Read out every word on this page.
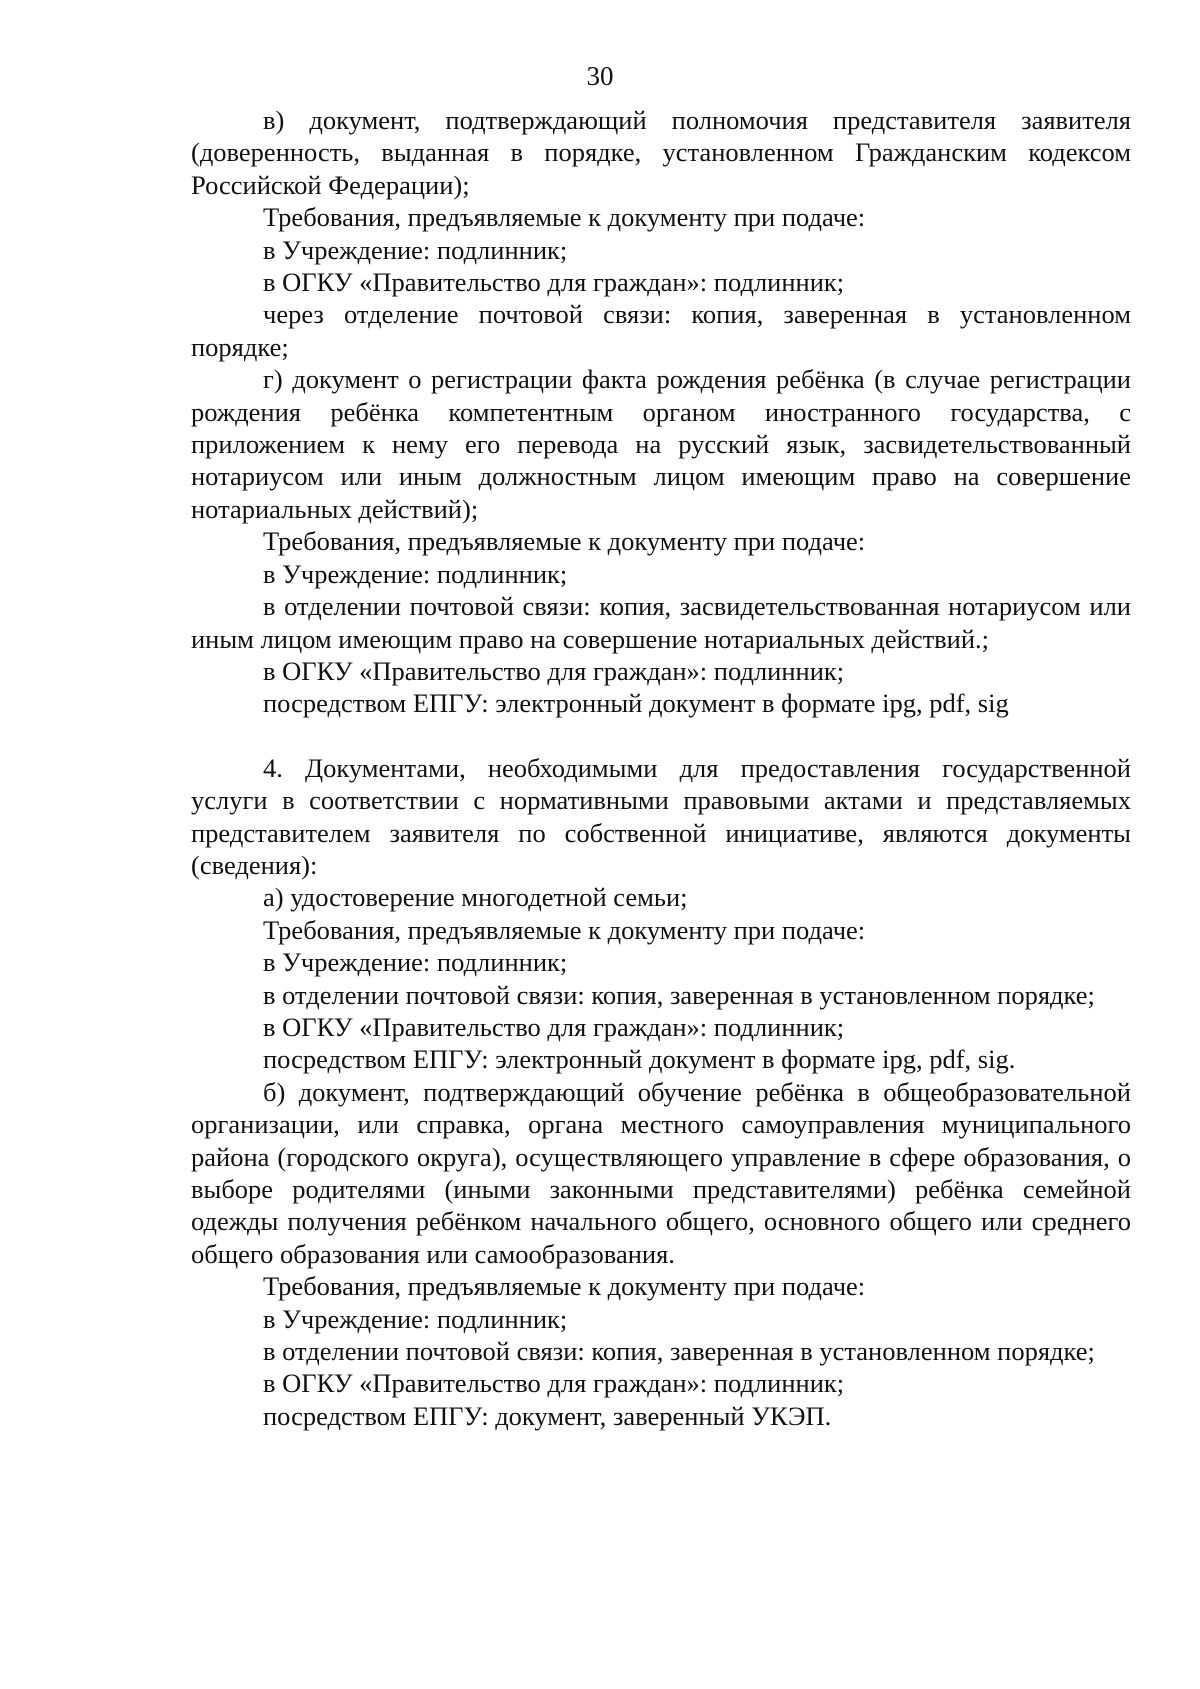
30

в) документ, подтверждающий полномочия представителя заявителя (доверенность, выданная в порядке, установленном Гражданским кодексом Российской Федерации);

Требования, предъявляемые к документу при подаче:

в Учреждение: подлинник;

в ОГКУ «Правительство для граждан»: подлинник;

через отделение почтовой связи: копия, заверенная в установленном порядке;

г) документ о регистрации факта рождения ребёнка (в случае регистрации рождения ребёнка компетентным органом иностранного государства, с приложением к нему его перевода на русский язык, засвидетельствованный нотариусом или иным должностным лицом имеющим право на совершение нотариальных действий);

Требования, предъявляемые к документу при подаче:

в Учреждение: подлинник;

в отделении почтовой связи: копия, засвидетельствованная нотариусом или иным лицом имеющим право на совершение нотариальных действий.;

в ОГКУ «Правительство для граждан»: подлинник;

посредством ЕПГУ: электронный документ в формате ipg, pdf, sig

4. Документами, необходимыми для предоставления государственной услуги в соответствии с нормативными правовыми актами и представляемых представителем заявителя по собственной инициативе, являются документы (сведения):

а) удостоверение многодетной семьи;

Требования, предъявляемые к документу при подаче:

в Учреждение: подлинник;

в отделении почтовой связи: копия, заверенная в установленном порядке;

в ОГКУ «Правительство для граждан»: подлинник;

посредством ЕПГУ: электронный документ в формате ipg, pdf, sig.

б) документ, подтверждающий обучение ребёнка в общеобразовательной организации, или справка, органа местного самоуправления муниципального района (городского округа), осуществляющего управление в сфере образования, о выборе родителями (иными законными представителями) ребёнка семейной одежды получения ребёнком начального общего, основного общего или среднего общего образования или самообразования.

Требования, предъявляемые к документу при подаче:

в Учреждение: подлинник;

в отделении почтовой связи: копия, заверенная в установленном порядке;

в ОГКУ «Правительство для граждан»: подлинник;

посредством ЕПГУ: документ, заверенный УКЭП.
